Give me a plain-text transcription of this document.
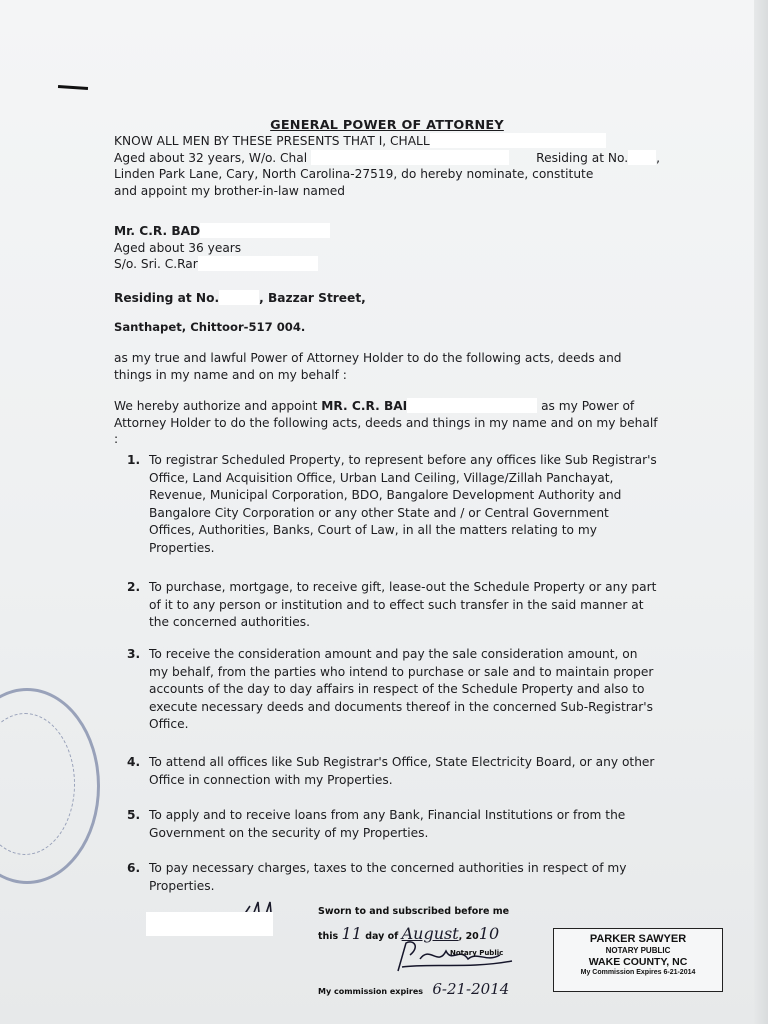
GENERAL POWER OF ATTORNEY
KNOW ALL MEN BY THESE PRESENTS THAT I, CHALL
Aged about 32 years, W/o. Chal	Residing at No. ,
Linden Park Lane, Cary, North Carolina-27519, do hereby nominate, constitute
and appoint my brother-in-law named
Mr. C.R. BAD
Aged about 36 years
S/o. Sri. C.Rar
Residing at No.	, Bazzar Street,
Santhapet, Chittoor-517 004.
as my true and lawful Power of Attorney Holder to do the following acts, deeds and things in my name and on my behalf :
We hereby authorize and appoint MR. C.R. BAI	as my Power of Attorney Holder to do the following acts, deeds and things in my name and on my behalf :
1. To registrar Scheduled Property, to represent before any offices like Sub Registrar's Office, Land Acquisition Office, Urban Land Ceiling, Village/Zillah Panchayat, Revenue, Municipal Corporation, BDO, Bangalore Development Authority and Bangalore City Corporation or any other State and / or Central Government Offices, Authorities, Banks, Court of Law, in all the matters relating to my Properties.
2. To purchase, mortgage, to receive gift, lease-out the Schedule Property or any part of it to any person or institution and to effect such transfer in the said manner at the concerned authorities.
3. To receive the consideration amount and pay the sale consideration amount, on my behalf, from the parties who intend to purchase or sale and to maintain proper accounts of the day to day affairs in respect of the Schedule Property and also to execute necessary deeds and documents thereof in the concerned Sub-Registrar's Office.
4. To attend all offices like Sub Registrar's Office, State Electricity Board, or any other Office in connection with my Properties.
5. To apply and to receive loans from any Bank, Financial Institutions or from the Government on the security of my Properties.
6. To pay necessary charges, taxes to the concerned authorities in respect of my Properties.
Sworn to and subscribed before me
this 11 day of August, 2010
Notary Public
My commission expires 6-21-2014
PARKER SAWYER
NOTARY PUBLIC
WAKE COUNTY, NC
My Commission Expires 6-21-2014
